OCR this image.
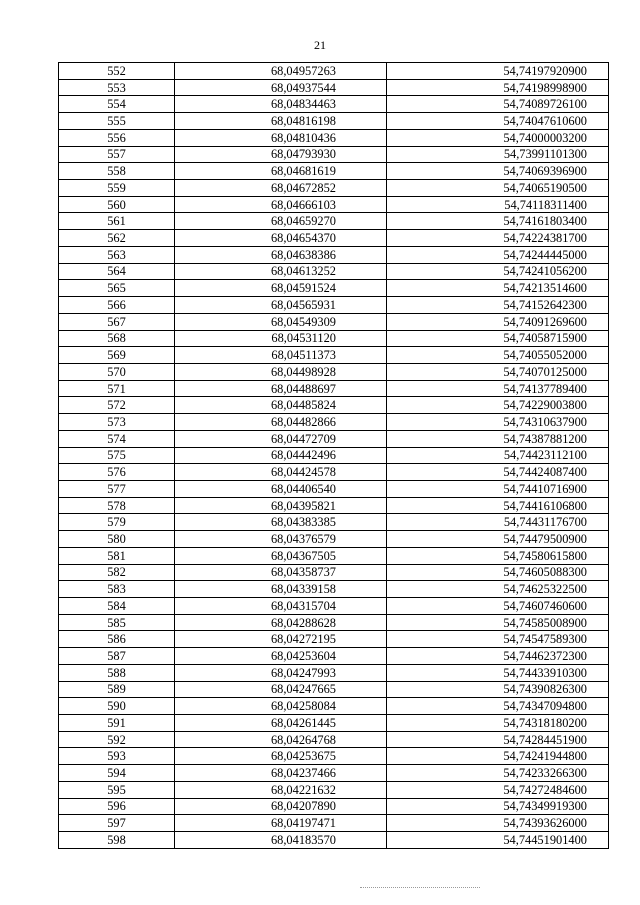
21
552	68,04957263	54,74197920900
553	68,04937544	54,74198998900
554	68,04834463	54,74089726100
555	68,04816198	54,74047610600
556	68,04810436	54,74000003200
557	68,04793930	54,73991101300
558	68,04681619	54,74069396900
559	68,04672852	54,74065190500
560	68,04666103	54,74118311400
561	68,04659270	54,74161803400
562	68,04654370	54,74224381700
563	68,04638386	54,74244445000
564	68,04613252	54,74241056200
565	68,04591524	54,74213514600
566	68,04565931	54,74152642300
567	68,04549309	54,74091269600
568	68,04531120	54,74058715900
569	68,04511373	54,74055052000
570	68,04498928	54,74070125000
571	68,04488697	54,74137789400
572	68,04485824	54,74229003800
573	68,04482866	54,74310637900
574	68,04472709	54,74387881200
575	68,04442496	54,74423112100
576	68,04424578	54,74424087400
577	68,04406540	54,74410716900
578	68,04395821	54,74416106800
579	68,04383385	54,74431176700
580	68,04376579	54,74479500900
581	68,04367505	54,74580615800
582	68,04358737	54,74605088300
583	68,04339158	54,74625322500
584	68,04315704	54,74607460600
585	68,04288628	54,74585008900
586	68,04272195	54,74547589300
587	68,04253604	54,74462372300
588	68,04247993	54,74433910300
589	68,04247665	54,74390826300
590	68,04258084	54,74347094800
591	68,04261445	54,74318180200
592	68,04264768	54,74284451900
593	68,04253675	54,74241944800
594	68,04237466	54,74233266300
595	68,04221632	54,74272484600
596	68,04207890	54,74349919300
597	68,04197471	54,74393626000
598	68,04183570	54,74451901400
